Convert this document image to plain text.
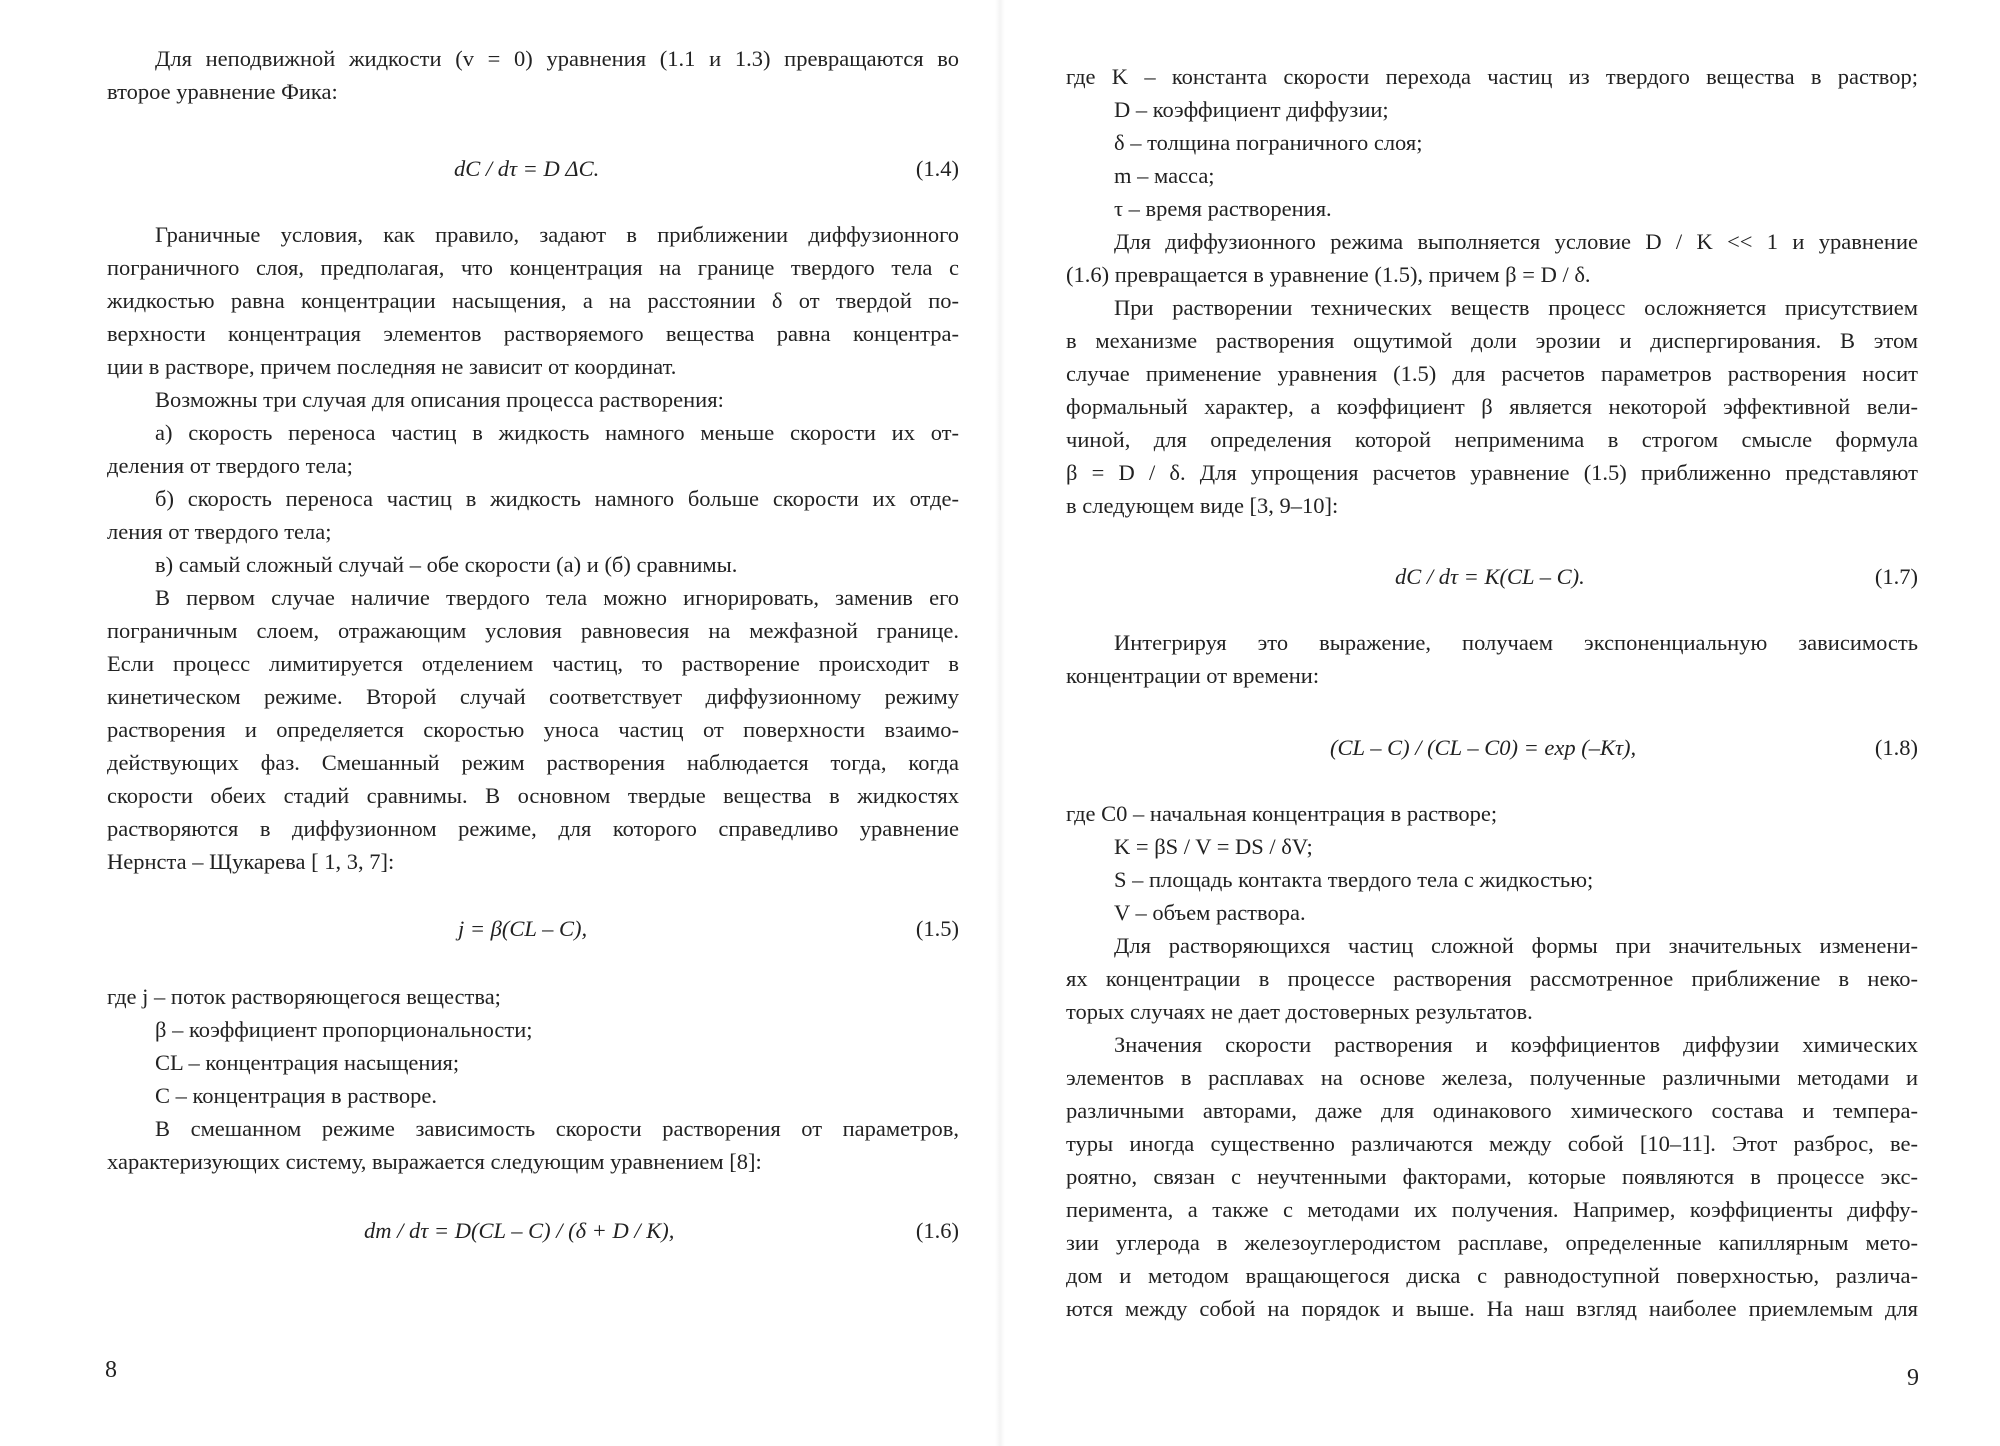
Для неподвижной жидкости (v = 0) уравнения (1.1 и 1.3) превращаются во
второе уравнение Фика:
dC / dτ = D ΔC.	(1.4)
Граничные условия, как правило, задают в приближении диффузионного
пограничного слоя, предполагая, что концентрация на границе твердого тела с
жидкостью равна концентрации насыщения, а на расстоянии δ от твердой по-
верхности концентрация элементов растворяемого вещества равна концентра-
ции в растворе, причем последняя не зависит от координат.
Возможны три случая для описания процесса растворения:
а) скорость переноса частиц в жидкость намного меньше скорости их от-
деления от твердого тела;
б) скорость переноса частиц в жидкость намного больше скорости их отде-
ления от твердого тела;
в) самый сложный случай – обе скорости (а) и (б) сравнимы.
В первом случае наличие твердого тела можно игнорировать, заменив его
пограничным слоем, отражающим условия равновесия на межфазной границе.
Если процесс лимитируется отделением частиц, то растворение происходит в
кинетическом режиме. Второй случай соответствует диффузионному режиму
растворения и определяется скоростью уноса частиц от поверхности взаимо-
действующих фаз. Смешанный режим растворения наблюдается тогда, когда
скорости обеих стадий сравнимы. В основном твердые вещества в жидкостях
растворяются в диффузионном режиме, для которого справедливо уравнение
Нернста – Щукарева [ 1, 3, 7]:
j = β(CL – C),	(1.5)
где j – поток растворяющегося вещества;
β – коэффициент пропорциональности;
CL – концентрация насыщения;
C – концентрация в растворе.
В смешанном режиме зависимость скорости растворения от параметров,
характеризующих систему, выражается следующим уравнением [8]:
dm / dτ = D(CL – C) / (δ + D / K),	(1.6)
8
где K – константа скорости перехода частиц из твердого вещества в раствор;
D – коэффициент диффузии;
δ – толщина пограничного слоя;
m – масса;
τ – время растворения.
Для диффузионного режима выполняется условие D / K << 1 и уравнение
(1.6) превращается в уравнение (1.5), причем β = D / δ.
При растворении технических веществ процесс осложняется присутствием
в механизме растворения ощутимой доли эрозии и диспергирования. В этом
случае применение уравнения (1.5) для расчетов параметров растворения носит
формальный характер, а коэффициент β является некоторой эффективной вели-
чиной, для определения которой неприменима в строгом смысле формула
β = D / δ. Для упрощения расчетов уравнение (1.5) приближенно представляют
в следующем виде [3, 9–10]:
dC / dτ = K(CL – C).	(1.7)
Интегрируя это выражение, получаем экспоненциальную зависимость
концентрации от времени:
(CL – C) / (CL – C0) = exp (–Kτ),	(1.8)
где C0 – начальная концентрация в растворе;
K = βS / V = DS / δV;
S – площадь контакта твердого тела с жидкостью;
V – объем раствора.
Для растворяющихся частиц сложной формы при значительных изменени-
ях концентрации в процессе растворения рассмотренное приближение в неко-
торых случаях не дает достоверных результатов.
Значения скорости растворения и коэффициентов диффузии химических
элементов в расплавах на основе железа, полученные различными методами и
различными авторами, даже для одинакового химического состава и темпера-
туры иногда существенно различаются между собой [10–11]. Этот разброс, ве-
роятно, связан с неучтенными факторами, которые появляются в процессе экс-
перимента, а также с методами их получения. Например, коэффициенты диффу-
зии углерода в железоуглеродистом расплаве, определенные капиллярным мето-
дом и методом вращающегося диска с равнодоступной поверхностью, различа-
ются между собой на порядок и выше. На наш взгляд наиболее приемлемым для
9
